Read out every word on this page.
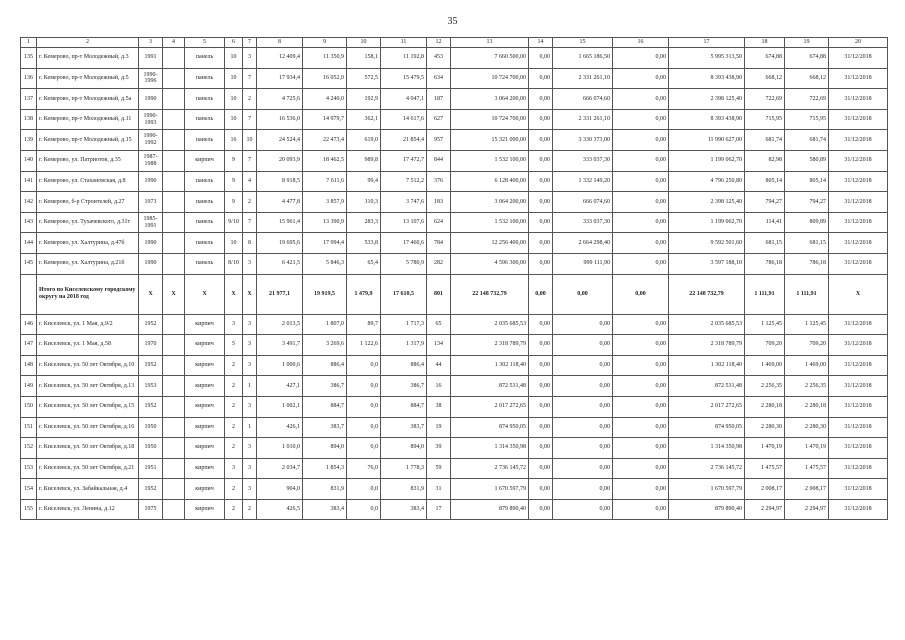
35
1	2	3	4	5	6	7	8	9	10	11	12	13	14	15	16	17	18	19	20
135	г. Кемерово, пр-т Молодежный, д.3	1991		панель	10	3	12 409,4	11 350,9	158,1	11 192,8	453	7 660 500,00	0,00	1 665 186,50	0,00	5 995 313,50	674,88	674,88	31/12/2018
136	г. Кемерово, пр-т Молодежный, д.5	1990-1996		панель	10	7	17 934,4	16 052,0	572,5	15 479,5	634	10 724 700,00	0,00	2 331 261,10	0,00	8 393 438,90	668,12	668,12	31/12/2018
137	г. Кемерово, пр-т Молодежный, д.5а	1990		панель	10	2	4 725,6	4 240,0	192,9	4 047,1	187	3 064 200,00	0,00	666 074,60	0,00	2 398 125,40	722,69	722,69	31/12/2018
138	г. Кемерово, пр-т Молодежный, д.11	1990-1993		панель	10	7	16 536,0	14 979,7	362,1	14 617,6	627	10 724 700,00	0,00	2 331 261,10	0,00	8 393 438,90	715,95	715,95	31/12/2018
139	г. Кемерово, пр-т Молодежный, д.15	1990-1992		панель	16	10	24 524,4	22 473,4	619,0	21 854,4	957	15 321 000,00	0,00	3 330 373,00	0,00	11 990 627,00	681,74	681,74	31/12/2018
140	г. Кемерово, ул. Патриотов, д.35	1987-1988		кирпич	9	7	20 093,9	18 462,5	989,8	17 472,7	844	1 532 100,00	0,00	333 037,30	0,00	1 199 062,70	82,98	580,89	31/12/2018
141	г. Кемерово, ул. Стахановская, д.8	1990		панель	9	4	8 918,5	7 611,6	99,4	7 512,2	376	6 128 400,00	0,00	1 332 149,20	0,00	4 796 250,80	805,14	805,14	31/12/2018
142	г. Кемерово, б-р Строителей, д.27	1973		панель	9	2	4 477,8	3 857,9	110,3	3 747,6	183	3 064 200,00	0,00	666 074,60	0,00	2 398 125,40	794,27	794,27	31/12/2018
143	г. Кемерово, ул. Тухачевского, д.31т	1985-1991		панель	9/10	7	15 961,4	13 390,9	283,3	13 107,6	624	1 532 100,00	0,00	333 037,30	0,00	1 199 062,70	114,41	809,89	31/12/2018
144	г. Кемерово, ул. Халтурина, д.47б	1990		панель	10	8	19 695,6	17 994,4	533,8	17 460,6	784	12 256 400,00	0,00	2 664 298,40	0,00	9 592 501,60	681,15	681,15	31/12/2018
145	г. Кемерово, ул. Халтурина, д.21б	1990		панель	8/10	3	6 421,5	5 846,3	65,4	5 780,9	282	4 596 300,00	0,00	999 111,90	0,00	3 597 188,10	786,18	786,18	31/12/2018
	Итого по Киселевскому городскому округу на 2018 год	X	X	X	X	X	21 977,1	19 919,5	1 479,9	17 610,5	801	22 148 732,79	0,00	0,00	0,00	22 148 732,79	1 111,91	1 111,91	X
146	г. Киселевск, ул. 1 Мая, д.9/2	1952		кирпич	3	3	2 013,5	1 807,0	89,7	1 717,3	65	2 035 685,53	0,00	0,00	0,00	2 035 685,53	1 125,45	1 125,45	31/12/2018
147	г. Киселевск, ул. 1 Мая, д.58	1970		кирпич	5	3	3 491,7	3 269,6	1 122,6	1 317,9	134	2 318 789,79	0,00	0,00	0,00	2 318 789,79	709,20	709,20	31/12/2018
148	г. Киселевск, ул. 50 лет Октября, д.10	1952		кирпич	2	3	1 000,6	886,4	0,0	886,4	44	1 302 118,40	0,00	0,00	0,00	1 302 118,40	1 469,00	1 469,00	31/12/2018
149	г. Киселевск, ул. 50 лет Октября, д.13	1953		кирпич	2	1	427,1	386,7	0,0	386,7	16	872 531,48	0,00	0,00	0,00	872 531,48	2 256,35	2 256,35	31/12/2018
150	г. Киселевск, ул. 50 лет Октября, д.15	1952		кирпич	2	3	1 002,1	884,7	0,0	884,7	38	2 017 272,65	0,00	0,00	0,00	2 017 272,65	2 280,18	2 280,18	31/12/2018
151	г. Киселевск, ул. 50 лет Октября, д.16	1950		кирпич	2	1	426,1	383,7	0,0	383,7	19	874 950,05	0,00	0,00	0,00	874 950,05	2 280,30	2 280,30	31/12/2018
152	г. Киселевск, ул. 50 лет Октября, д.18	1950		кирпич	2	3	1 010,0	894,0	0,0	894,0	39	1 314 350,98	0,00	0,00	0,00	1 314 350,98	1 470,19	1 470,19	31/12/2018
153	г. Киселевск, ул. 50 лет Октября, д.21	1951		кирпич	3	3	2 034,7	1 854,3	76,0	1 778,3	59	2 736 145,72	0,00	0,00	0,00	2 736 145,72	1 475,57	1 475,57	31/12/2018
154	г. Киселевск, ул. Забайкальная, д.4	1952		кирпич	2	3	904,0	831,9	0,0	831,9	31	1 670 597,79	0,00	0,00	0,00	1 670 597,79	2 008,17	2 008,17	31/12/2018
155	г. Киселевск, ул. Ленина, д.12	1975		кирпич	2	2	426,5	383,4	0,0	383,4	17	879 890,40	0,00	0,00	0,00	879 890,40	2 294,97	2 294,97	31/12/2018
